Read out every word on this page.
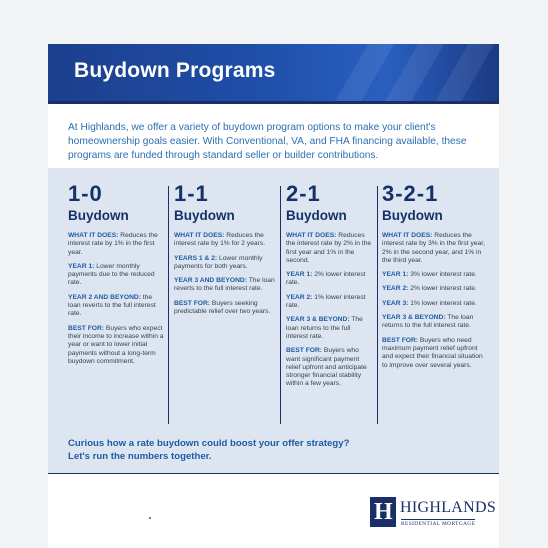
Buydown Programs
At Highlands, we offer a variety of buydown program options to make your client's homeownership goals easier. With Conventional, VA, and FHA financing available, these programs are funded through standard seller or builder contributions.
1-0
Buydown
WHAT IT DOES: Reduces the interest rate by 1% in the first year.
YEAR 1: Lower monthly payments due to the reduced rate.
YEAR 2 AND BEYOND: the loan reverts to the full interest rate.
BEST FOR: Buyers who expect their income to increase within a year or want to lower initial payments without a long-term buydown commitment.
1-1
Buydown
WHAT IT DOES: Reduces the interest rate by 1% for 2 years.
YEARS 1 & 2: Lower monthly payments for both years.
YEAR 3 AND BEYOND: The loan reverts to the full interest rate.
BEST FOR: Buyers seeking predictable relief over two years.
2-1
Buydown
WHAT IT DOES: Reduces the interest rate by 2% in the first year and 1% in the second.
YEAR 1: 2% lower interest rate.
YEAR 2: 1% lower interest rate.
YEAR 3 & BEYOND: The loan returns to the full interest rate.
BEST FOR: Buyers who want significant payment relief upfront and anticipate stronger financial stability within a few years.
3-2-1
Buydown
WHAT IT DOES: Reduces the interest rate by 3% in the first year, 2% in the second year, and 1% in the third year.
YEAR 1: 3% lower interest rate.
YEAR 2: 2% lower interest rate.
YEAR 3: 1% lower interest rate.
YEAR 3 & BEYOND: The loan returns to the full interest rate.
BEST FOR: Buyers who need maximum payment relief upfront and expect their financial situation to improve over several years.
Curious how a rate buydown could boost your offer strategy?
Let's run the numbers together.
H HIGHLANDS
RESIDENTIAL MORTGAGE
